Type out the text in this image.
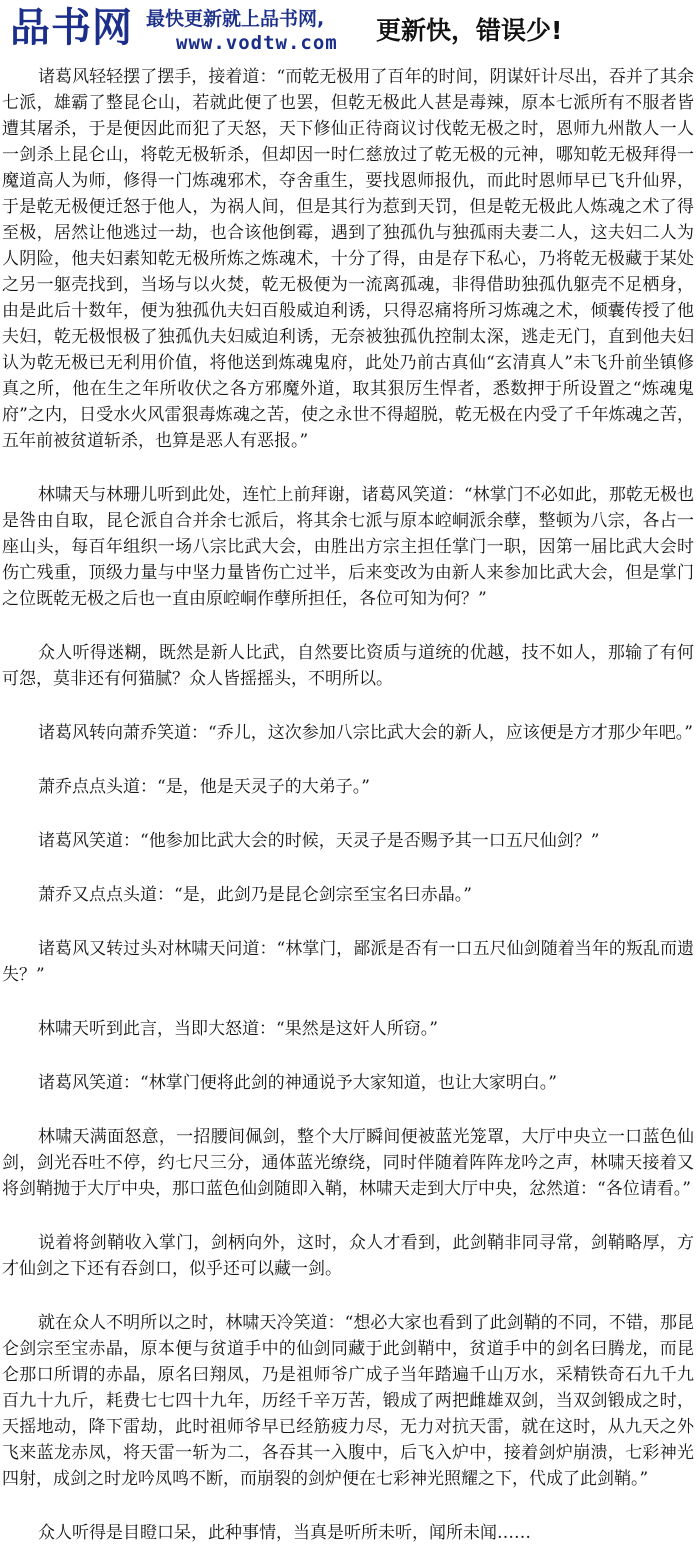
品书网 最快更新就上品书网,
www.vodtw.com 更新快，错误少!

诸葛风轻轻摆了摆手，接着道：“而乾无极用了百年的时间，阴谋奸计尽出，吞并了其余七派，雄霸了整昆仑山，若就此便了也罢，但乾无极此人甚是毒辣，原本七派所有不服者皆遭其屠杀，于是便因此而犯了天怒，天下修仙正待商议讨伐乾无极之时，恩师九州散人一人一剑杀上昆仑山，将乾无极斩杀，但却因一时仁慈放过了乾无极的元神，哪知乾无极拜得一魔道高人为师，修得一门炼魂邪术，夺舍重生，要找恩师报仇，而此时恩师早已飞升仙界，于是乾无极便迁怒于他人，为祸人间，但是其行为惹到天罚，但是乾无极此人炼魂之术了得至极，居然让他逃过一劫，也合该他倒霉，遇到了独孤仇与独孤雨夫妻二人，这夫妇二人为人阴险，他夫妇素知乾无极所炼之炼魂术，十分了得，由是存下私心，乃将乾无极藏于某处之另一躯壳找到，当场与以火焚，乾无极便为一流离孤魂，非得借助独孤仇躯壳不足栖身，由是此后十数年，便为独孤仇夫妇百般威迫利诱，只得忍痛将所习炼魂之术，倾囊传授了他夫妇，乾无极恨极了独孤仇夫妇威迫利诱，无奈被独孤仇控制太深，逃走无门，直到他夫妇认为乾无极已无利用价值，将他送到炼魂鬼府，此处乃前古真仙“玄清真人”未飞升前坐镇修真之所，他在生之年所收伏之各方邪魔外道，取其狠厉生悍者，悉数押于所设置之“炼魂鬼府”之内，日受水火风雷狠毒炼魂之苦，使之永世不得超脱，乾无极在内受了千年炼魂之苦，五年前被贫道斩杀，也算是恶人有恶报。”

林啸天与林珊儿听到此处，连忙上前拜谢，诸葛风笑道：“林掌门不必如此，那乾无极也是咎由自取，昆仑派自合并余七派后，将其余七派与原本崆峒派余孽，整顿为八宗，各占一座山头，每百年组织一场八宗比武大会，由胜出方宗主担任掌门一职，因第一届比武大会时伤亡残重，顶级力量与中坚力量皆伤亡过半，后来变改为由新人来参加比武大会，但是掌门之位既乾无极之后也一直由原崆峒作孽所担任，各位可知为何？”

众人听得迷糊，既然是新人比武，自然要比资质与道统的优越，技不如人，那输了有何可怨，莫非还有何猫腻？众人皆摇摇头，不明所以。

诸葛风转向萧乔笑道：“乔儿，这次参加八宗比武大会的新人，应该便是方才那少年吧。”

萧乔点点头道：“是，他是天灵子的大弟子。”

诸葛风笑道：“他参加比武大会的时候，天灵子是否赐予其一口五尺仙剑？”

萧乔又点点头道：“是，此剑乃是昆仑剑宗至宝名曰赤晶。”

诸葛风又转过头对林啸天问道：“林掌门，鄙派是否有一口五尺仙剑随着当年的叛乱而遗失？”

林啸天听到此言，当即大怒道：“果然是这奸人所窃。”

诸葛风笑道：“林掌门便将此剑的神通说予大家知道，也让大家明白。”

林啸天满面怒意，一招腰间佩剑，整个大厅瞬间便被蓝光笼罩，大厅中央立一口蓝色仙剑，剑光吞吐不停，约七尺三分，通体蓝光缭绕，同时伴随着阵阵龙吟之声，林啸天接着又将剑鞘抛于大厅中央，那口蓝色仙剑随即入鞘，林啸天走到大厅中央，忿然道：“各位请看。”

说着将剑鞘收入掌门，剑柄向外，这时，众人才看到，此剑鞘非同寻常，剑鞘略厚，方才仙剑之下还有吞剑口，似乎还可以藏一剑。

就在众人不明所以之时，林啸天冷笑道：“想必大家也看到了此剑鞘的不同，不错，那昆仑剑宗至宝赤晶，原本便与贫道手中的仙剑同藏于此剑鞘中，贫道手中的剑名曰腾龙，而昆仑那口所谓的赤晶，原名曰翔凤，乃是祖师爷广成子当年踏遍千山万水，采精铁奇石九千九百九十九斤，耗费七七四十九年，历经千辛万苦，锻成了两把雌雄双剑，当双剑锻成之时，天摇地动，降下雷劫，此时祖师爷早已经筋疲力尽，无力对抗天雷，就在这时，从九天之外飞来蓝龙赤凤，将天雷一斩为二，各吞其一入腹中，后飞入炉中，接着剑炉崩溃，七彩神光四射，成剑之时龙吟凤鸣不断，而崩裂的剑炉便在七彩神光照耀之下，代成了此剑鞘。”

众人听得是目瞪口呆，此种事情，当真是听所未听，闻所未闻……
